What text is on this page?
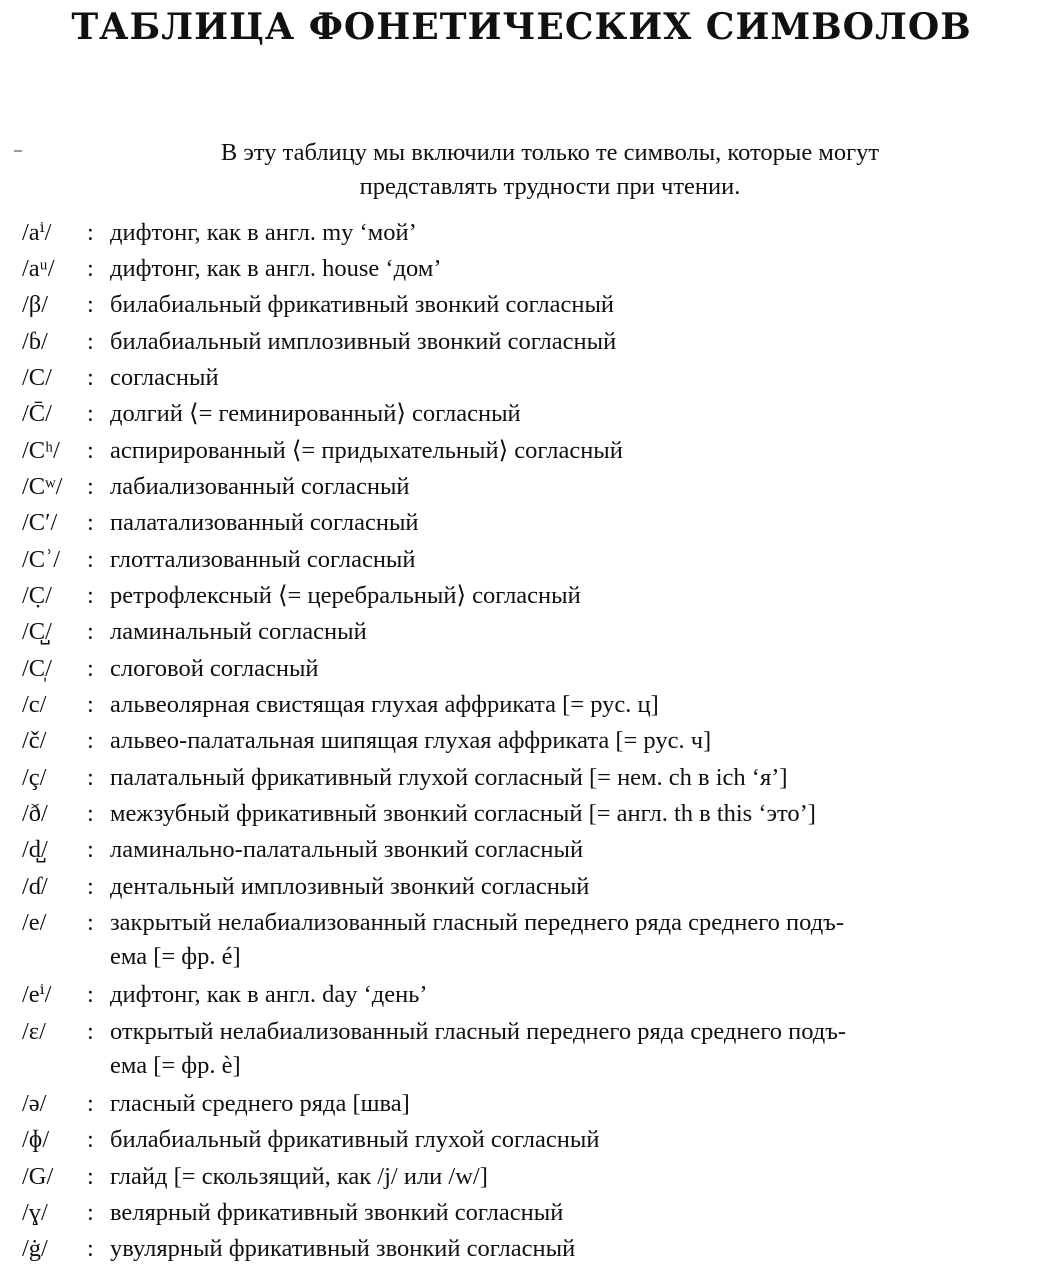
ТАБЛИЦА ФОНЕТИЧЕСКИХ СИМВОЛОВ
В эту таблицу мы включили только те символы, которые могут
представлять трудности при чтении.
/aⁱ/	: дифтонг, как в англ. my ‘мой’
/aᵘ/	: дифтонг, как в англ. house ‘дом’
/β/	: билабиальный фрикативный звонкий согласный
/ɓ/	: билабиальный имплозивный звонкий согласный
/C/	: согласный
/C̄/	: долгий ⟨= геминированный⟩ согласный
/Cʰ/	: аспирированный ⟨= придыхательный⟩ согласный
/Cʷ/	: лабиализованный согласный
/C′/	: палатализованный согласный
/Cʾ/	: глоттализованный согласный
/C̣/	: ретрофлексный ⟨= церебральный⟩ согласный
/C̺/	: ламинальный согласный
/C̩/	: слоговой согласный
/c/	: альвеолярная свистящая глухая аффриката [= рус. ц]
/č/	: альвео-палатальная шипящая глухая аффриката [= рус. ч]
/ç/	: палатальный фрикативный глухой согласный [= нем. ch в ich ‘я’]
/ð/	: межзубный фрикативный звонкий согласный [= англ. th в this ‘это’]
/d̺/	: ламинально-палатальный звонкий согласный
/ɗ/	: дентальный имплозивный звонкий согласный
/e/	: закрытый нелабиализованный гласный переднего ряда среднего подъ-
ема [= фр. é]
/eⁱ/	: дифтонг, как в англ. day ‘день’
/ɛ/	: открытый нелабиализованный гласный переднего ряда среднего подъ-
ема [= фр. è]
/ə/	: гласный среднего ряда [шва]
/ɸ/	: билабиальный фрикативный глухой согласный
/G/	: глайд [= скользящий, как /j/ или /w/]
/ɣ/	: велярный фрикативный звонкий согласный
/ġ/	: увулярный фрикативный звонкий согласный
